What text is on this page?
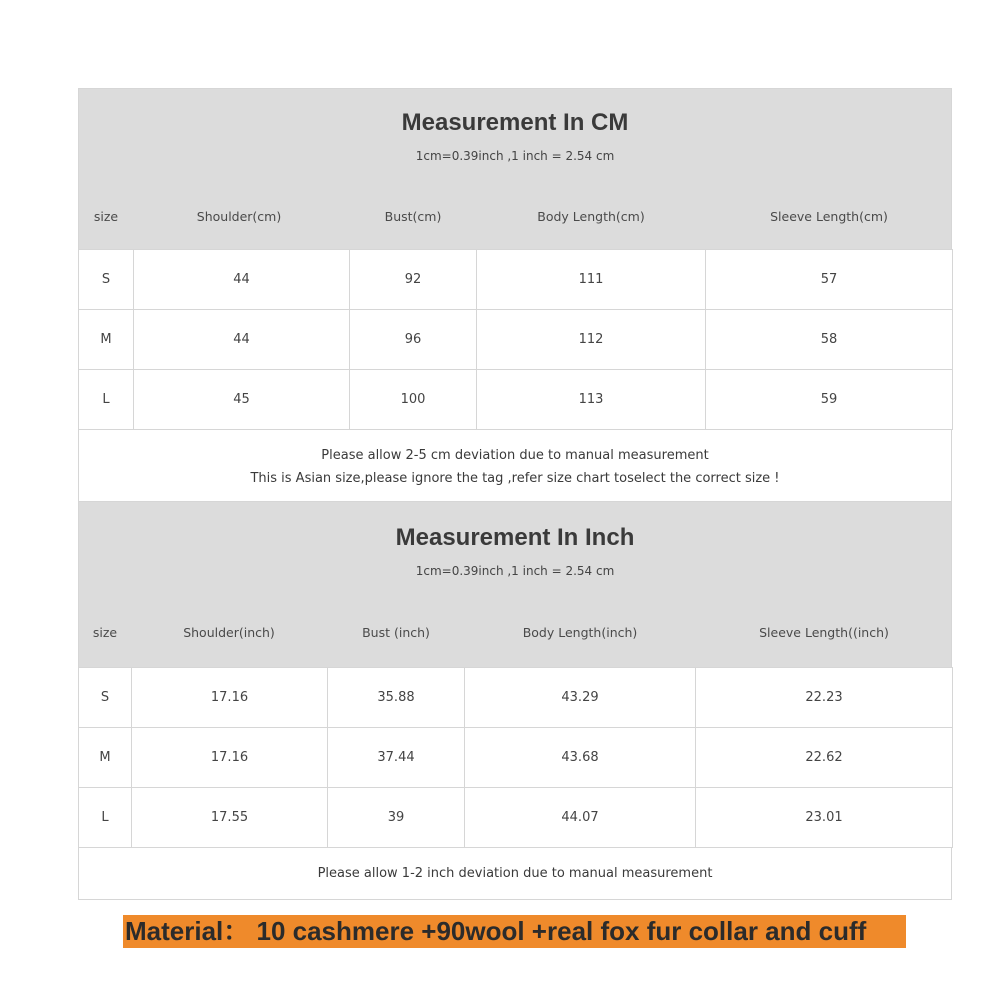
Measurement In CM
1cm=0.39inch ,1 inch = 2.54 cm
size	Shoulder(cm)	Bust(cm)	Body Length(cm)	Sleeve Length(cm)
S	44	92	111	57
M	44	96	112	58
L	45	100	113	59
Please allow 2-5 cm deviation due to manual measurement
This is Asian size,please ignore the tag ,refer size chart toselect the correct size !
Measurement In Inch
1cm=0.39inch ,1 inch = 2.54 cm
size	Shoulder(inch)	Bust (inch)	Body Length(inch)	Sleeve Length((inch)
S	17.16	35.88	43.29	22.23
M	17.16	37.44	43.68	22.62
L	17.55	39	44.07	23.01
Please allow 1-2 inch deviation due to manual measurement
Material： 10 cashmere +90wool +real fox fur collar and cuff
